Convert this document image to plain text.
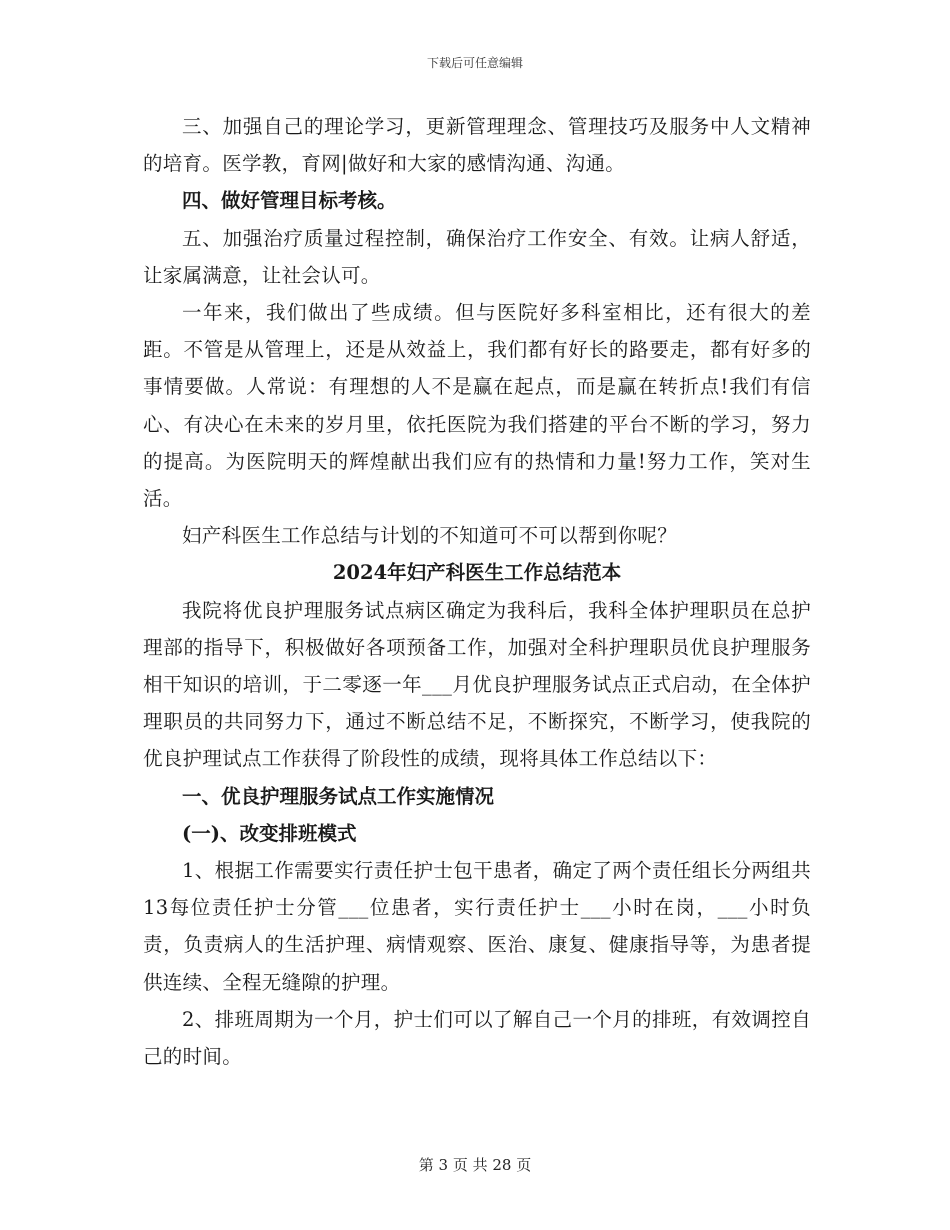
下载后可任意编辑

三、加强自己的理论学习，更新管理理念、管理技巧及服务中人文精神的培育。医学教，育网|做好和大家的感情沟通、沟通。

四、做好管理目标考核。

五、加强治疗质量过程控制，确保治疗工作安全、有效。让病人舒适，让家属满意，让社会认可。

一年来，我们做出了些成绩。但与医院好多科室相比，还有很大的差距。不管是从管理上，还是从效益上，我们都有好长的路要走，都有好多的事情要做。人常说：有理想的人不是赢在起点，而是赢在转折点!我们有信心、有决心在未来的岁月里，依托医院为我们搭建的平台不断的学习，努力的提高。为医院明天的辉煌献出我们应有的热情和力量!努力工作，笑对生活。

妇产科医生工作总结与计划的不知道可不可以帮到你呢？

2024年妇产科医生工作总结范本

我院将优良护理服务试点病区确定为我科后，我科全体护理职员在总护理部的指导下，积极做好各项预备工作，加强对全科护理职员优良护理服务相干知识的培训，于二零逐一年___月优良护理服务试点正式启动，在全体护理职员的共同努力下，通过不断总结不足，不断探究，不断学习，使我院的优良护理试点工作获得了阶段性的成绩，现将具体工作总结以下：

一、优良护理服务试点工作实施情况

(一)、改变排班模式

1、根据工作需要实行责任护士包干患者，确定了两个责任组长分两组共13每位责任护士分管___位患者，实行责任护士___小时在岗，___小时负责，负责病人的生活护理、病情观察、医治、康复、健康指导等，为患者提供连续、全程无缝隙的护理。

2、排班周期为一个月，护士们可以了解自己一个月的排班，有效调控自己的时间。

第 3 页 共 28 页
